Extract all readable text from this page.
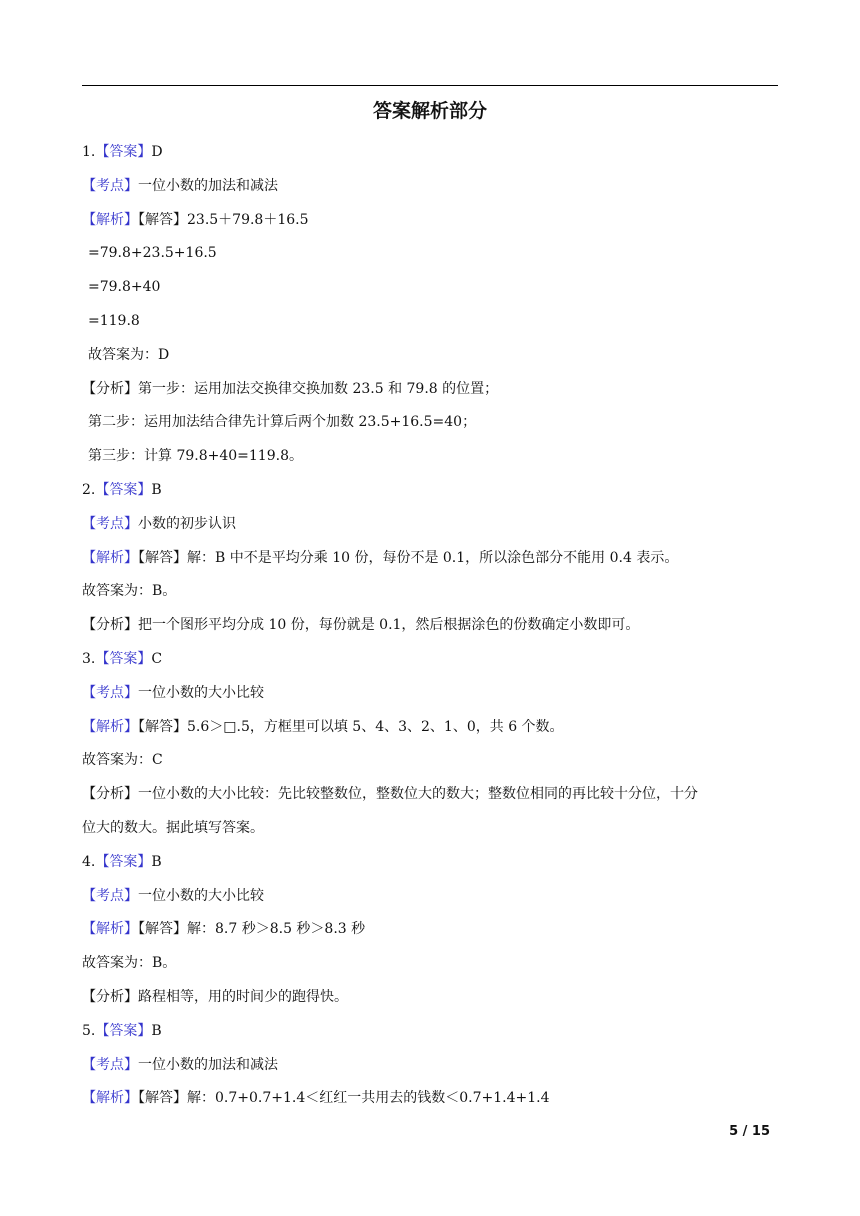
答案解析部分
1.【答案】D
【考点】一位小数的加法和减法
【解析】【解答】23.5＋79.8＋16.5
=79.8+23.5+16.5
=79.8+40
=119.8
故答案为：D
【分析】第一步：运用加法交换律交换加数 23.5 和 79.8 的位置；
第二步：运用加法结合律先计算后两个加数 23.5+16.5=40；
第三步：计算 79.8+40=119.8。
2.【答案】B
【考点】小数的初步认识
【解析】【解答】解：B 中不是平均分乘 10 份，每份不是 0.1，所以涂色部分不能用 0.4 表示。
故答案为：B。
【分析】把一个图形平均分成 10 份，每份就是 0.1，然后根据涂色的份数确定小数即可。
3.【答案】C
【考点】一位小数的大小比较
【解析】【解答】5.6＞□.5，方框里可以填 5、4、3、2、1、0，共 6 个数。
故答案为：C
【分析】一位小数的大小比较：先比较整数位，整数位大的数大；整数位相同的再比较十分位，十分
位大的数大。据此填写答案。
4.【答案】B
【考点】一位小数的大小比较
【解析】【解答】解：8.7 秒＞8.5 秒＞8.3 秒
故答案为：B。
【分析】路程相等，用的时间少的跑得快。
5.【答案】B
【考点】一位小数的加法和减法
【解析】【解答】解：0.7+0.7+1.4＜红红一共用去的钱数＜0.7+1.4+1.4
5 / 15
